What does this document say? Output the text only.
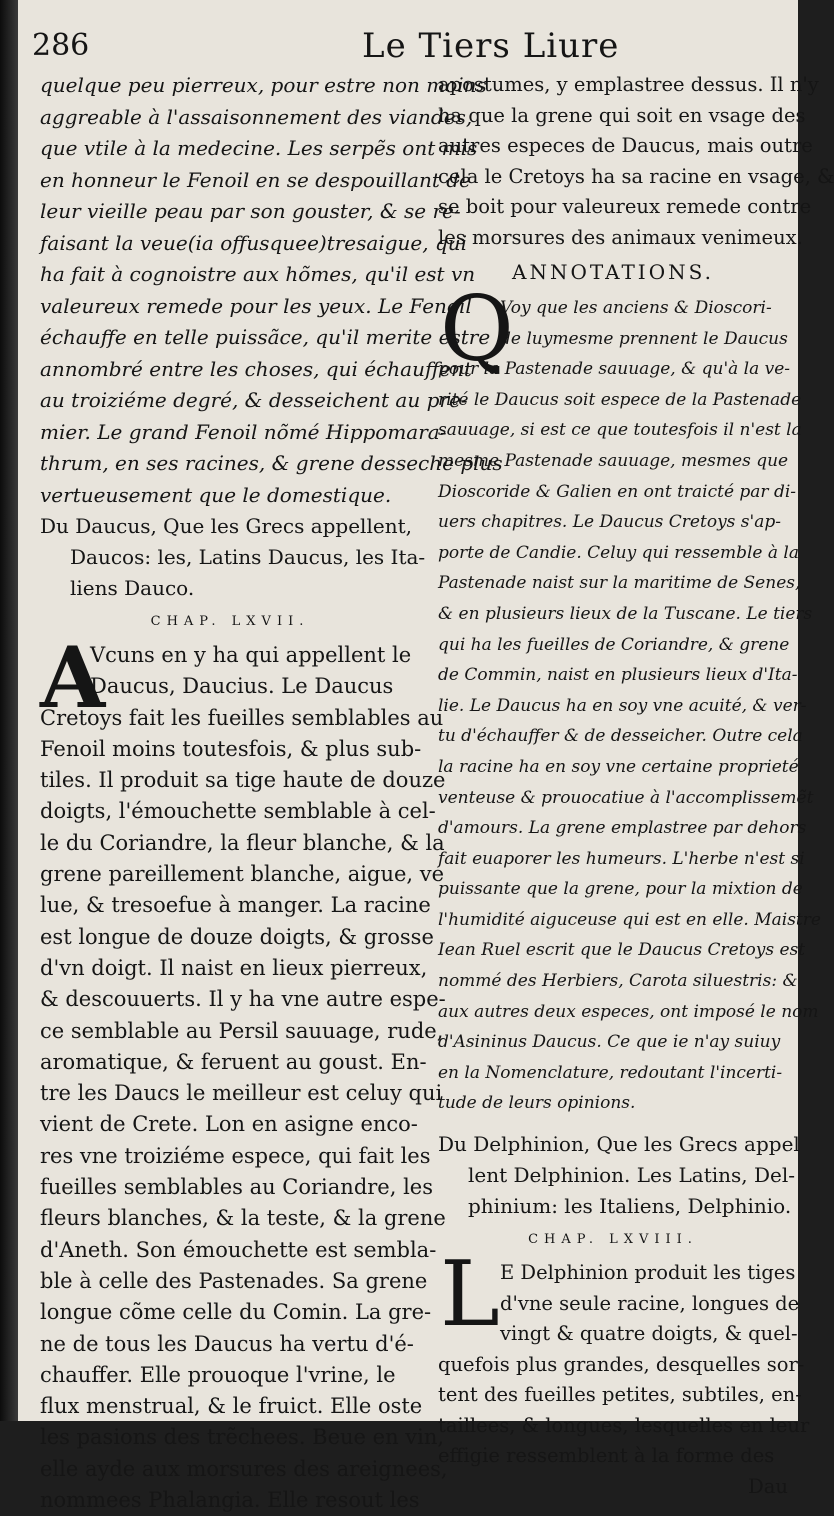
286	Le Tiers Liure
quelque peu pierreux, pour estre non moins
aggreable à l'assaisonnement des viandes,
que vtile à la medecine. Les serpẽs ont mis
en honneur le Fenoil en se despouillant de
leur vieille peau par son gouster, & se re-
faisant la veue(ia offusquee)tresaigue, qui
ha fait à cognoistre aux hõmes, qu'il est vn
valeureux remede pour les yeux. Le Fenoil
échauffe en telle puissãce, qu'il merite estre
annombré entre les choses, qui échauffent
au troiziéme degré, & desseichent au pre-
mier. Le grand Fenoil nõmé Hippomara-
thrum, en ses racines, & grene desseche plus
vertueusement que le domestique.
Du Daucus, Que les Grecs appellent,
Daucos: les, Latins Daucus, les Ita-
liens Dauco.
CHAP. LXVII.
A
Vcuns en y ha qui appellent le
Daucus, Daucius. Le Daucus
Cretoys fait les fueilles semblables au
Fenoil moins toutesfois, & plus sub-
tiles. Il produit sa tige haute de douze
doigts, l'émouchette semblable à cel-
le du Coriandre, la fleur blanche, & la
grene pareillement blanche, aigue, ve
lue, & tresoefue à manger. La racine
est longue de douze doigts, & grosse
d'vn doigt. Il naist en lieux pierreux,
& descouuerts. Il y ha vne autre espe-
ce semblable au Persil sauuage, rude,
aromatique, & feruent au goust. En-
tre les Daucs le meilleur est celuy qui
vient de Crete. Lon en asigne enco-
res vne troiziéme espece, qui fait les
fueilles semblables au Coriandre, les
fleurs blanches, & la teste, & la grene
d'Aneth. Son émouchette est sembla-
ble à celle des Pastenades. Sa grene
longue cõme celle du Comin. La gre-
ne de tous les Daucus ha vertu d'é-
chauffer. Elle prouoque l'vrine, le
flux menstrual, & le fruict. Elle oste
les pasions des trẽchees. Beue en vin,
elle ayde aux morsures des areignees,
nommees Phalangia. Elle resout les
apostumes, y emplastree dessus. Il n'y
ha que la grene qui soit en vsage des
autres especes de Daucus, mais outre
cela le Cretoys ha sa racine en vsage, &
se boit pour valeureux remede contre
les morsures des animaux venimeux.
ANNOTATIONS.
Q
Voy que les anciens & Dioscori-
de luymesme prennent le Daucus
pour la Pastenade sauuage, & qu'à la ve-
rité le Daucus soit espece de la Pastenade
sauuage, si est ce que toutesfois il n'est la
mesme Pastenade sauuage, mesmes que
Dioscoride & Galien en ont traicté par di-
uers chapitres. Le Daucus Cretoys s'ap-
porte de Candie. Celuy qui ressemble à la
Pastenade naist sur la maritime de Senes,
& en plusieurs lieux de la Tuscane. Le tiers
qui ha les fueilles de Coriandre, & grene
de Commin, naist en plusieurs lieux d'Ita-
lie. Le Daucus ha en soy vne acuité, & ver-
tu d'échauffer & de desseicher. Outre cela
la racine ha en soy vne certaine proprieté
venteuse & prouocatiue à l'accomplissemẽt
d'amours. La grene emplastree par dehors
fait euaporer les humeurs. L'herbe n'est si
puissante que la grene, pour la mixtion de
l'humidité aiguceuse qui est en elle. Maistre
Iean Ruel escrit que le Daucus Cretoys est
nommé des Herbiers, Carota siluestris: &
aux autres deux especes, ont imposé le nom
d'Asininus Daucus. Ce que ie n'ay suiuy
en la Nomenclature, redoutant l'incerti-
tude de leurs opinions.
Du Delphinion, Que les Grecs appel
lent Delphinion. Les Latins, Del-
phinium: les Italiens, Delphinio.
CHAP. LXVIII.
L E Delphinion produit les tiges
d'vne seule racine, longues de
vingt & quatre doigts, & quel-
quefois plus grandes, desquelles sor-
tent des fueilles petites, subtiles, en-
taillees, & longues, lesquelles en leur
effigie ressemblent à la forme des
Dau
